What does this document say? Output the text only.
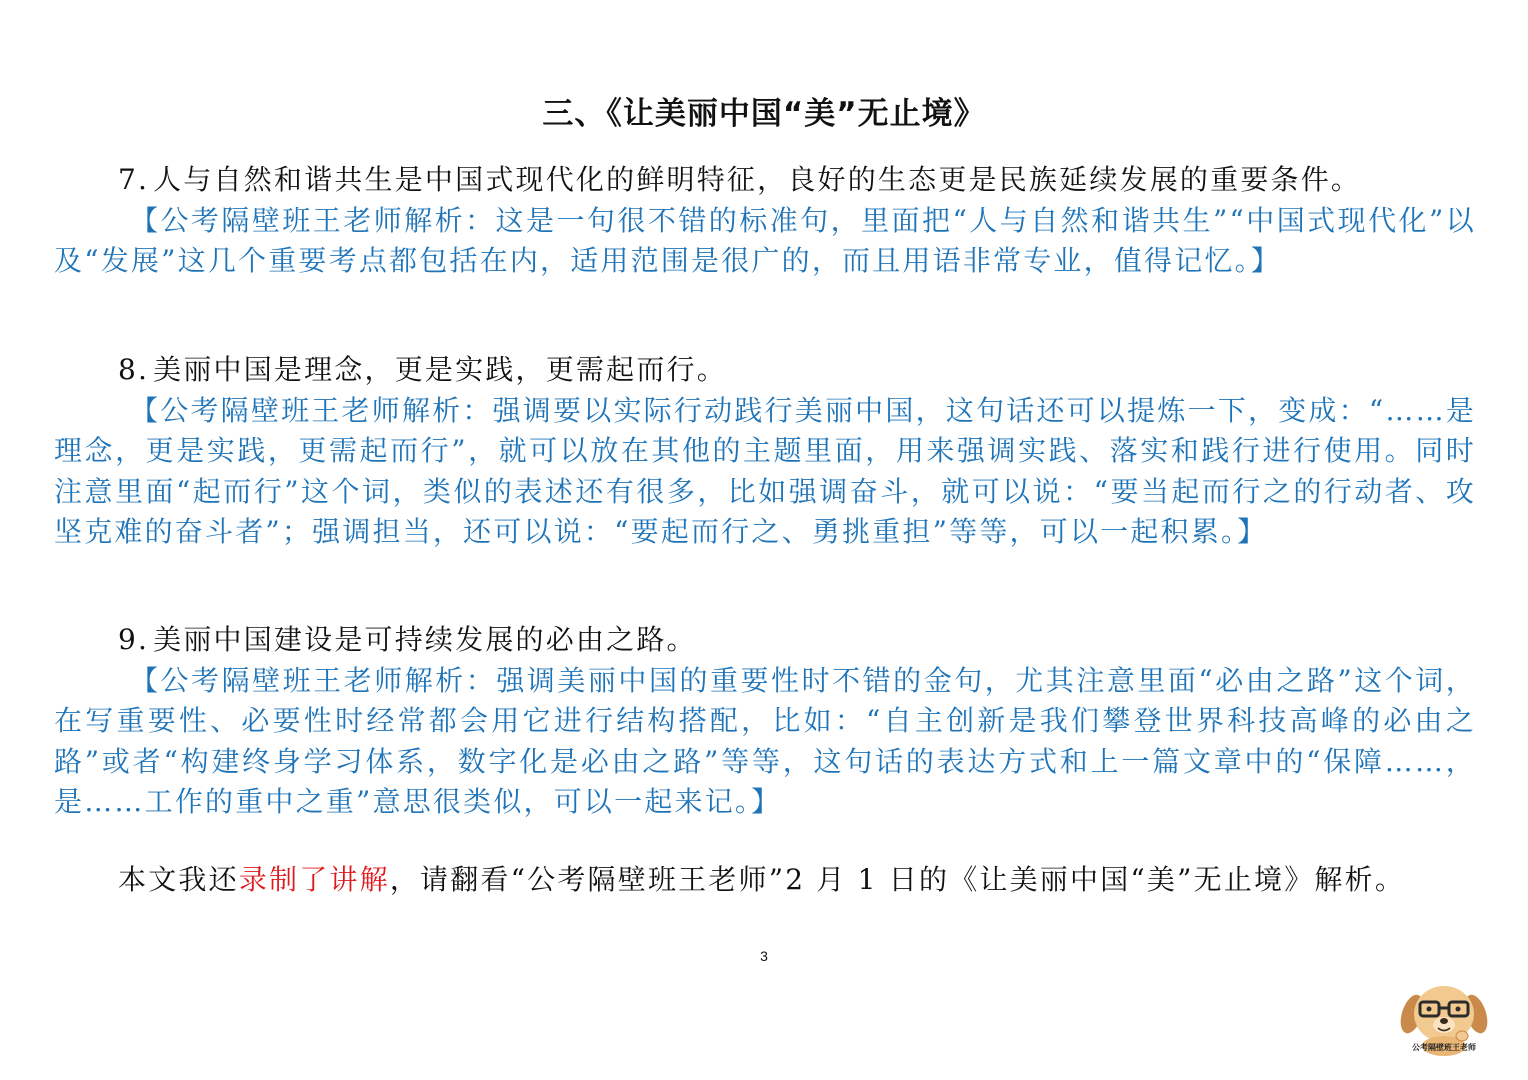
三、《让美丽中国“美”无止境》
7. 人与自然和谐共生是中国式现代化的鲜明特征，良好的生态更是民族延续发展的重要条件。
【公考隔壁班王老师解析：这是一句很不错的标准句，里面把“人与自然和谐共生”“中国式现代化”以及“发展”这几个重要考点都包括在内，适用范围是很广的，而且用语非常专业，值得记忆。】
8. 美丽中国是理念，更是实践，更需起而行。
【公考隔壁班王老师解析：强调要以实际行动践行美丽中国，这句话还可以提炼一下，变成：“……是理念，更是实践，更需起而行”，就可以放在其他的主题里面，用来强调实践、落实和践行进行使用。同时注意里面“起而行”这个词，类似的表述还有很多，比如强调奋斗，就可以说：“要当起而行之的行动者、攻坚克难的奋斗者”；强调担当，还可以说：“要起而行之、勇挑重担”等等，可以一起积累。】
9. 美丽中国建设是可持续发展的必由之路。
【公考隔壁班王老师解析：强调美丽中国的重要性时不错的金句，尤其注意里面“必由之路”这个词，在写重要性、必要性时经常都会用它进行结构搭配，比如：“自主创新是我们攀登世界科技高峰的必由之路”或者“构建终身学习体系，数字化是必由之路”等等，这句话的表达方式和上一篇文章中的“保障……，是……工作的重中之重”意思很类似，可以一起来记。】
本文我还录制了讲解，请翻看“公考隔壁班王老师”2 月 1 日的《让美丽中国“美”无止境》解析。
3
公考隔壁班王老师
